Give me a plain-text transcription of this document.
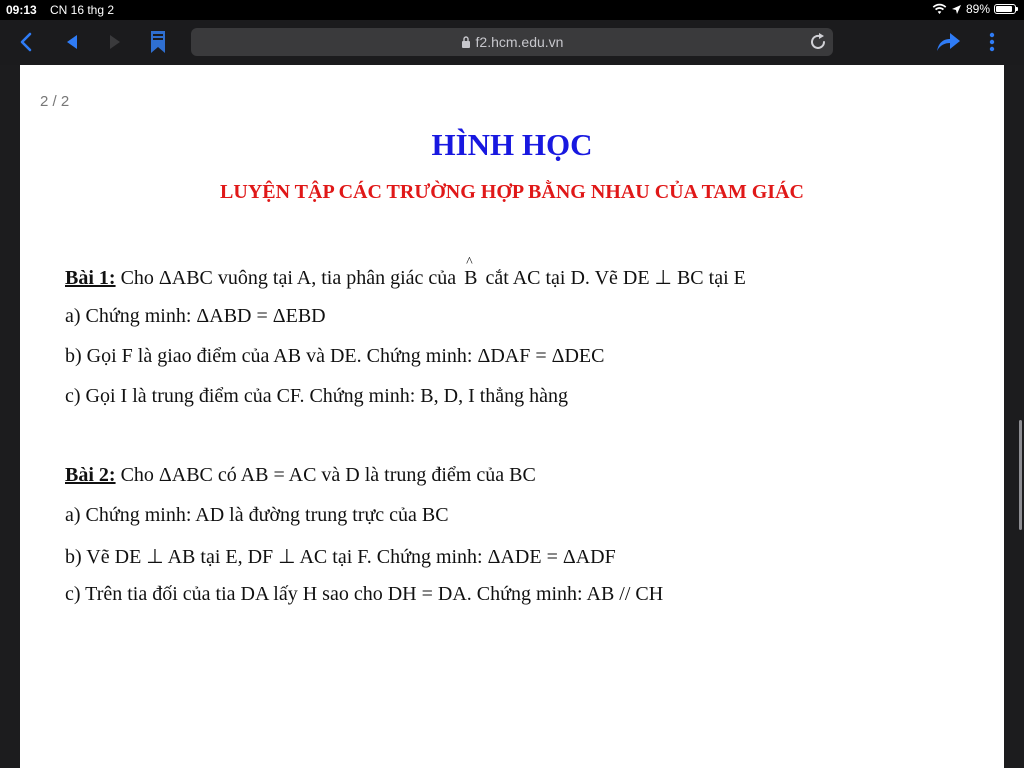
09:13 CN 16 thg 2	89%
f2.hcm.edu.vn
2 / 2
HÌNH HỌC
LUYỆN TẬP CÁC TRƯỜNG HỢP BẰNG NHAU CỦA TAM GIÁC
Bài 1: Cho ΔABC vuông tại A, tia phân giác của ^ B cắt AC tại D. Vẽ DE ⊥ BC tại E
a) Chứng minh: ΔABD = ΔEBD
b) Gọi F là giao điểm của AB và DE. Chứng minh: ΔDAF = ΔDEC
c) Gọi I là trung điểm của CF. Chứng minh: B, D, I thẳng hàng
Bài 2: Cho ΔABC có AB = AC và D là trung điểm của BC
a) Chứng minh: AD là đường trung trực của BC
b) Vẽ DE ⊥ AB tại E, DF ⊥ AC tại F. Chứng minh: ΔADE = ΔADF
c) Trên tia đối của tia DA lấy H sao cho DH = DA. Chứng minh: AB // CH
